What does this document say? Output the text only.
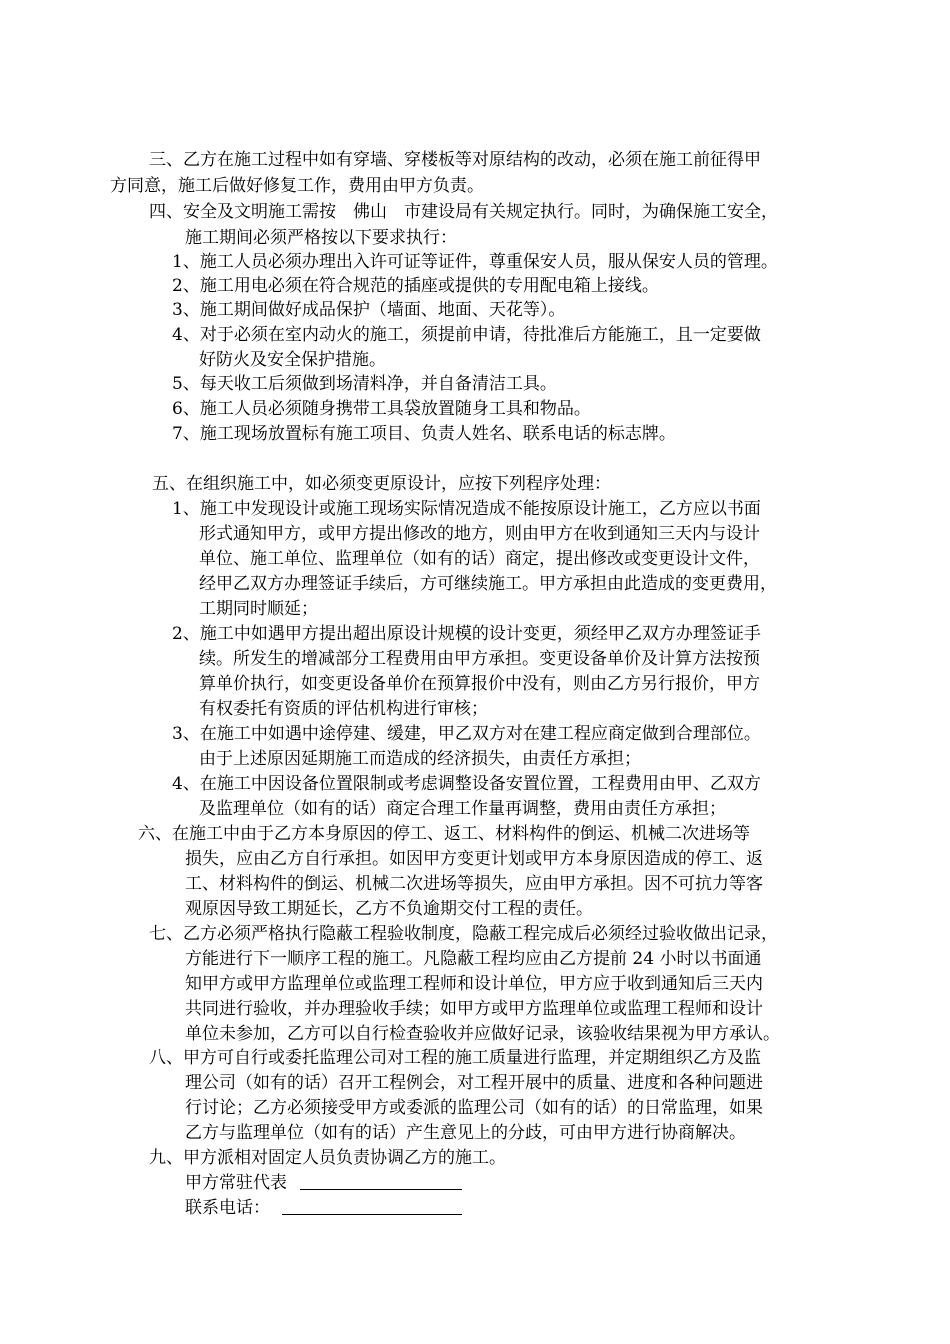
三、乙方在施工过程中如有穿墙、穿楼板等对原结构的改动，必须在施工前征得甲
方同意，施工后做好修复工作，费用由甲方负责。
四、安全及文明施工需按　佛山　市建设局有关规定执行。同时，为确保施工安全，
施工期间必须严格按以下要求执行：
1、施工人员必须办理出入许可证等证件，尊重保安人员，服从保安人员的管理。
2、施工用电必须在符合规范的插座或提供的专用配电箱上接线。
3、施工期间做好成品保护（墙面、地面、天花等）。
4、对于必须在室内动火的施工，须提前申请，待批准后方能施工，且一定要做
好防火及安全保护措施。
5、每天收工后须做到场清料净，并自备清洁工具。
6、施工人员必须随身携带工具袋放置随身工具和物品。
7、施工现场放置标有施工项目、负责人姓名、联系电话的标志牌。
五、在组织施工中，如必须变更原设计，应按下列程序处理：
1、施工中发现设计或施工现场实际情况造成不能按原设计施工，乙方应以书面
形式通知甲方，或甲方提出修改的地方，则由甲方在收到通知三天内与设计
单位、施工单位、监理单位（如有的话）商定，提出修改或变更设计文件，
经甲乙双方办理签证手续后，方可继续施工。甲方承担由此造成的变更费用，
工期同时顺延；
2、施工中如遇甲方提出超出原设计规模的设计变更，须经甲乙双方办理签证手
续。所发生的增减部分工程费用由甲方承担。变更设备单价及计算方法按预
算单价执行，如变更设备单价在预算报价中没有，则由乙方另行报价，甲方
有权委托有资质的评估机构进行审核；
3、在施工中如遇中途停建、缓建，甲乙双方对在建工程应商定做到合理部位。
由于上述原因延期施工而造成的经济损失，由责任方承担；
4、在施工中因设备位置限制或考虑调整设备安置位置，工程费用由甲、乙双方
及监理单位（如有的话）商定合理工作量再调整，费用由责任方承担；
六、在施工中由于乙方本身原因的停工、返工、材料构件的倒运、机械二次进场等
损失，应由乙方自行承担。如因甲方变更计划或甲方本身原因造成的停工、返
工、材料构件的倒运、机械二次进场等损失，应由甲方承担。因不可抗力等客
观原因导致工期延长，乙方不负逾期交付工程的责任。
七、乙方必须严格执行隐蔽工程验收制度，隐蔽工程完成后必须经过验收做出记录，
方能进行下一顺序工程的施工。凡隐蔽工程均应由乙方提前 24 小时以书面通
知甲方或甲方监理单位或监理工程师和设计单位，甲方应于收到通知后三天内
共同进行验收，并办理验收手续；如甲方或甲方监理单位或监理工程师和设计
单位未参加，乙方可以自行检查验收并应做好记录，该验收结果视为甲方承认。
八、甲方可自行或委托监理公司对工程的施工质量进行监理，并定期组织乙方及监
理公司（如有的话）召开工程例会，对工程开展中的质量、进度和各种问题进
行讨论；乙方必须接受甲方或委派的监理公司（如有的话）的日常监理，如果
乙方与监理单位（如有的话）产生意见上的分歧，可由甲方进行协商解决。
九、甲方派相对固定人员负责协调乙方的施工。
甲方常驻代表
联系电话：
